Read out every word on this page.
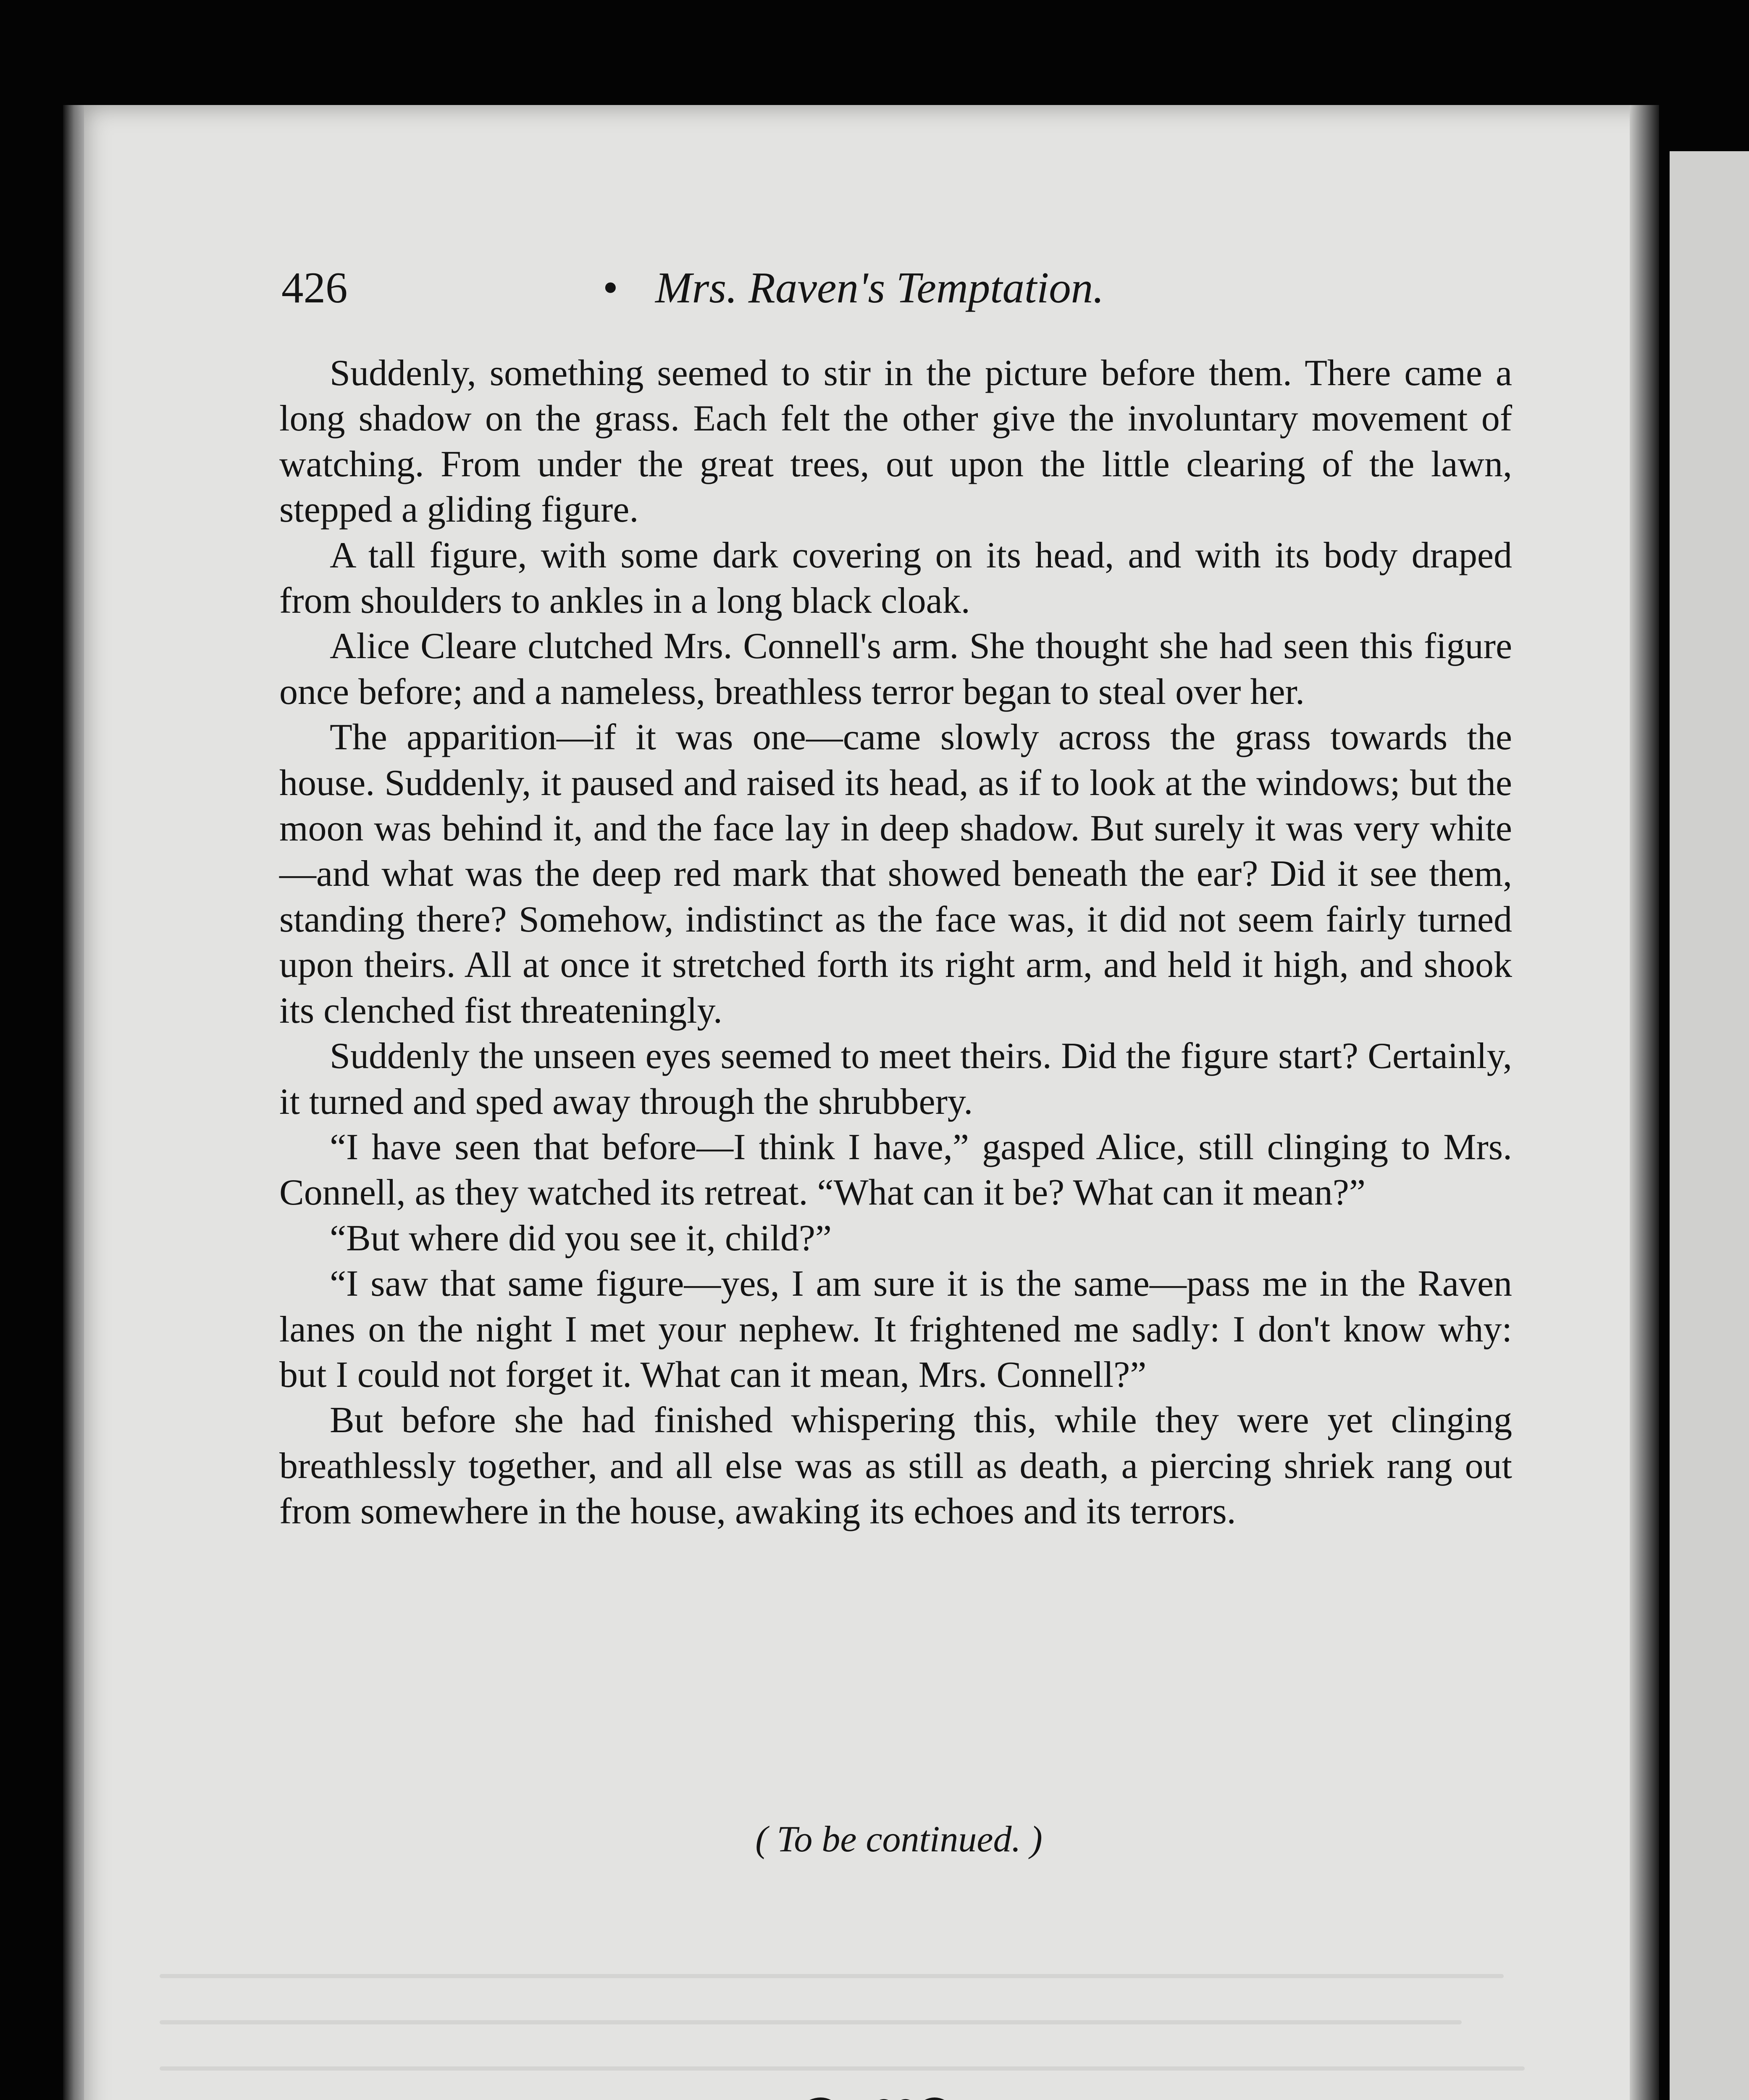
426	• Mrs. Raven's Temptation.

Suddenly, something seemed to stir in the picture before them. There came a long shadow on the grass. Each felt the other give the involuntary movement of watching. From under the great trees, out upon the little clearing of the lawn, stepped a gliding figure.

A tall figure, with some dark covering on its head, and with its body draped from shoulders to ankles in a long black cloak.

Alice Cleare clutched Mrs. Connell's arm. She thought she had seen this figure once before; and a nameless, breathless terror began to steal over her.

The apparition—if it was one—came slowly across the grass towards the house. Suddenly, it paused and raised its head, as if to look at the windows; but the moon was behind it, and the face lay in deep shadow. But surely it was very white—and what was the deep red mark that showed beneath the ear? Did it see them, standing there? Somehow, indistinct as the face was, it did not seem fairly turned upon theirs. All at once it stretched forth its right arm, and held it high, and shook its clenched fist threateningly.

Suddenly the unseen eyes seemed to meet theirs. Did the figure start? Certainly, it turned and sped away through the shrubbery.

“I have seen that before—I think I have,” gasped Alice, still clinging to Mrs. Connell, as they watched its retreat. “What can it be? What can it mean?”

“But where did you see it, child?”

“I saw that same figure—yes, I am sure it is the same—pass me in the Raven lanes on the night I met your nephew. It frightened me sadly: I don't know why: but I could not forget it. What can it mean, Mrs. Connell?”

But before she had finished whispering this, while they were yet clinging breathlessly together, and all else was as still as death, a piercing shriek rang out from somewhere in the house, awaking its echoes and its terrors.

( To be continued. )
